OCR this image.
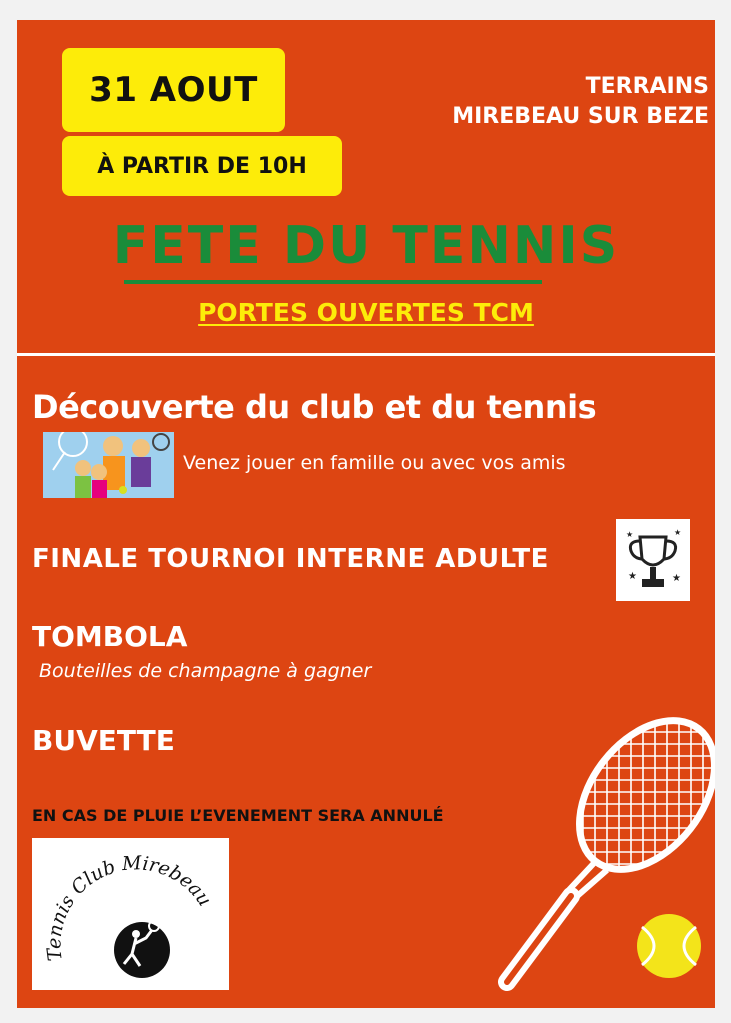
31 AOUT
À PARTIR DE 10H
TERRAINS
MIREBEAU SUR BEZE
FETE DU TENNIS
PORTES OUVERTES TCM
Découverte du club et du tennis
Venez jouer en famille ou avec vos amis
FINALE TOURNOI INTERNE ADULTE
★	★
★	★
TOMBOLA
Bouteilles de champagne à gagner
BUVETTE
EN CAS DE PLUIE L’EVENEMENT SERA ANNULÉ
Tennis Club Mirebeau
